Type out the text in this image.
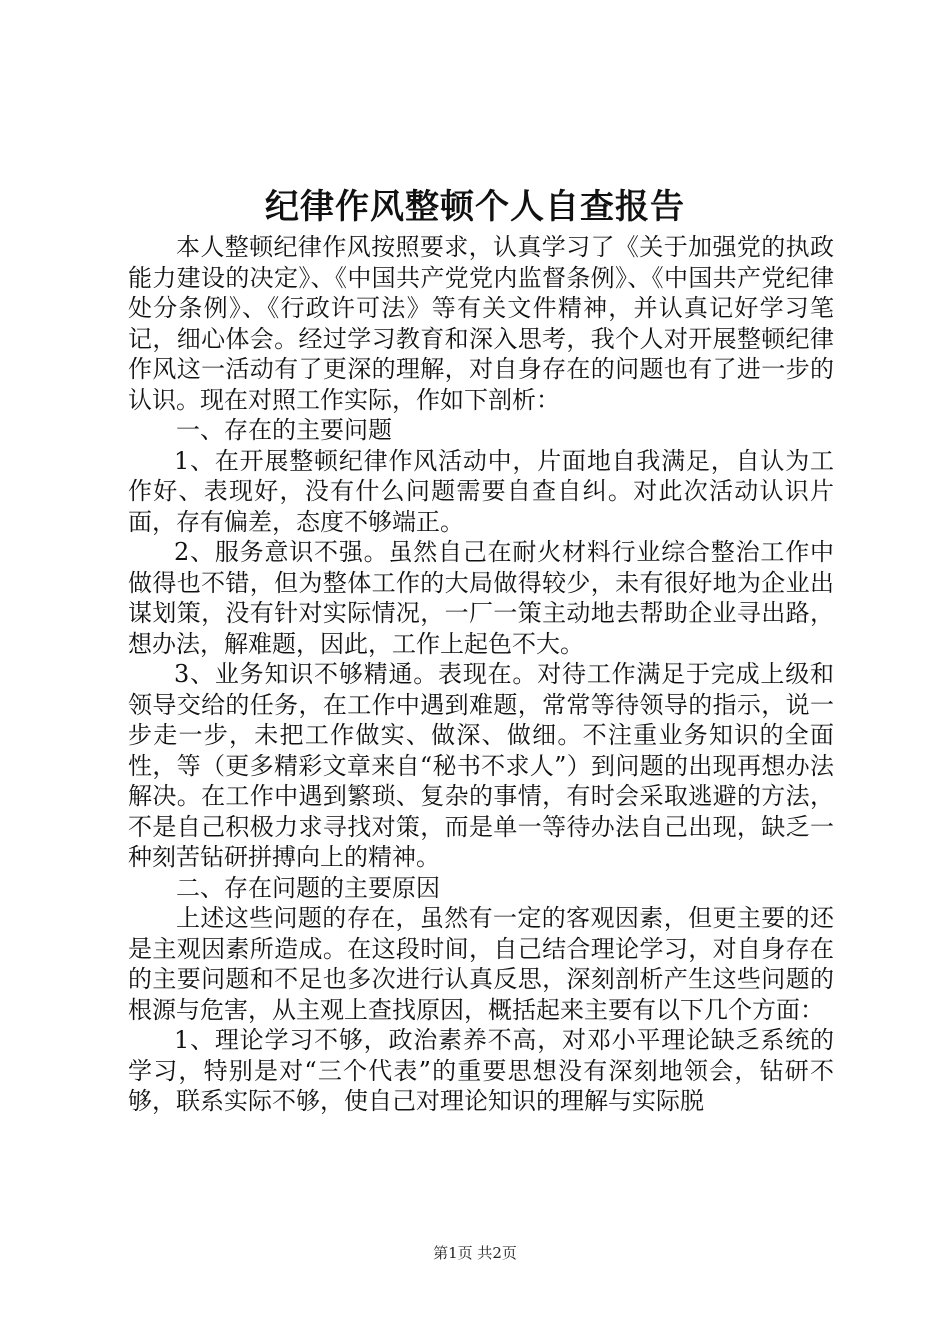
纪律作风整顿个人自查报告

本人整顿纪律作风按照要求，认真学习了《关于加强党的执政能力建设的决定》、《中国共产党党内监督条例》、《中国共产党纪律处分条例》、《行政许可法》等有关文件精神，并认真记好学习笔记，细心体会。经过学习教育和深入思考，我个人对开展整顿纪律作风这一活动有了更深的理解，对自身存在的问题也有了进一步的认识。现在对照工作实际，作如下剖析：

一、存在的主要问题

1、在开展整顿纪律作风活动中，片面地自我满足，自认为工作好、表现好，没有什么问题需要自查自纠。对此次活动认识片面，存有偏差，态度不够端正。

2、服务意识不强。虽然自己在耐火材料行业综合整治工作中做得也不错，但为整体工作的大局做得较少，未有很好地为企业出谋划策，没有针对实际情况，一厂一策主动地去帮助企业寻出路，想办法，解难题，因此，工作上起色不大。

3、业务知识不够精通。表现在。对待工作满足于完成上级和领导交给的任务，在工作中遇到难题，常常等待领导的指示，说一步走一步，未把工作做实、做深、做细。不注重业务知识的全面性，等（更多精彩文章来自“秘书不求人”）到问题的出现再想办法解决。在工作中遇到繁琐、复杂的事情，有时会采取逃避的方法，不是自己积极力求寻找对策，而是单一等待办法自己出现，缺乏一种刻苦钻研拼搏向上的精神。

二、存在问题的主要原因

上述这些问题的存在，虽然有一定的客观因素，但更主要的还是主观因素所造成。在这段时间，自己结合理论学习，对自身存在的主要问题和不足也多次进行认真反思，深刻剖析产生这些问题的根源与危害，从主观上查找原因，概括起来主要有以下几个方面：

1、理论学习不够，政治素养不高，对邓小平理论缺乏系统的学习，特别是对“三个代表”的重要思想没有深刻地领会，钻研不够，联系实际不够，使自己对理论知识的理解与实际脱

第1页 共2页
